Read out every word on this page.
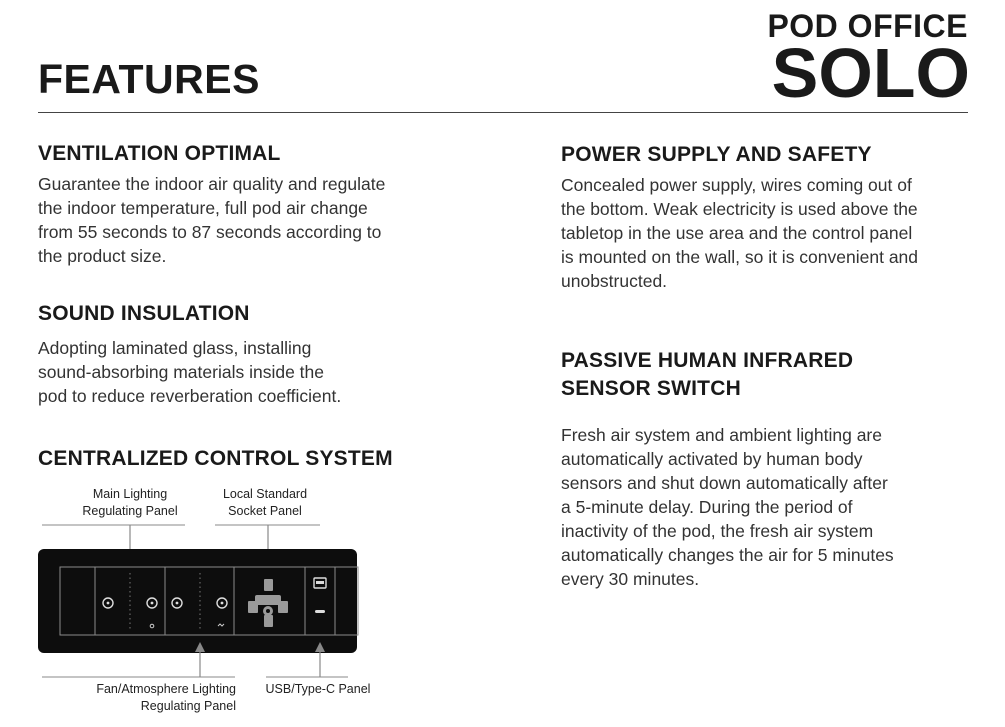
FEATURES
POD OFFICE
SOLO
VENTILATION OPTIMAL
Guarantee the indoor air quality and regulate
the indoor temperature, full pod air change
from 55 seconds to 87 seconds according to
the product size.
SOUND INSULATION
Adopting laminated glass, installing
sound-absorbing materials inside the
pod to reduce reverberation coefficient.
CENTRALIZED CONTROL SYSTEM
Main Lighting
Regulating Panel
Local Standard
Socket Panel
Fan/Atmosphere Lighting
Regulating Panel
USB/Type-C Panel
POWER SUPPLY AND SAFETY
Concealed power supply, wires coming out of
the bottom. Weak electricity is used above the
tabletop in the use area and the control panel
is mounted on the wall, so it is convenient and
unobstructed.
PASSIVE HUMAN INFRARED
SENSOR SWITCH
Fresh air system and ambient lighting are
automatically activated by human body
sensors and shut down automatically after
a 5-minute delay. During the period of
inactivity of the pod, the fresh air system
automatically changes the air for 5 minutes
every 30 minutes.
